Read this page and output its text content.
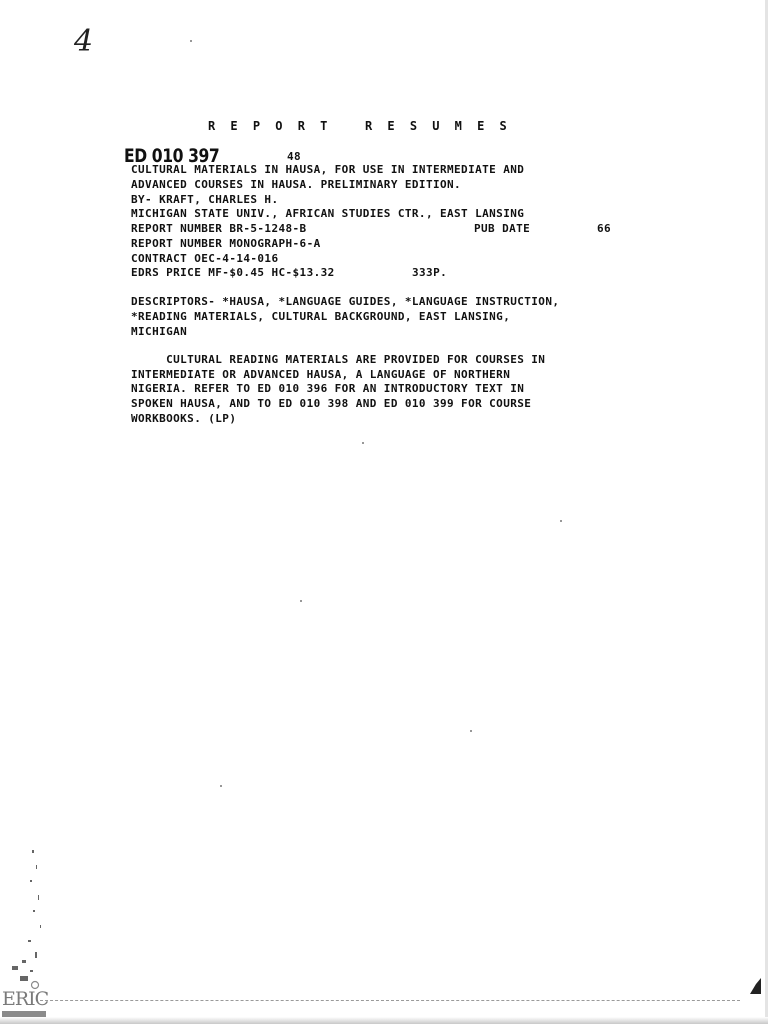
4
REPORT RESUMES
ED 010 397	48
CULTURAL MATERIALS IN HAUSA, FOR USE IN INTERMEDIATE AND
ADVANCED COURSES IN HAUSA. PRELIMINARY EDITION.
BY- KRAFT, CHARLES H.
MICHIGAN STATE UNIV., AFRICAN STUDIES CTR., EAST LANSING
REPORT NUMBER BR-5-1248-B	PUB DATE	66
REPORT NUMBER MONOGRAPH-6-A
CONTRACT OEC-4-14-016
EDRS PRICE MF-$0.45 HC-$13.32	333P.
DESCRIPTORS- *HAUSA, *LANGUAGE GUIDES, *LANGUAGE INSTRUCTION,
*READING MATERIALS, CULTURAL BACKGROUND, EAST LANSING,
MICHIGAN
CULTURAL READING MATERIALS ARE PROVIDED FOR COURSES IN
INTERMEDIATE OR ADVANCED HAUSA, A LANGUAGE OF NORTHERN
NIGERIA. REFER TO ED 010 396 FOR AN INTRODUCTORY TEXT IN
SPOKEN HAUSA, AND TO ED 010 398 AND ED 010 399 FOR COURSE
WORKBOOKS. (LP)
ERIC
